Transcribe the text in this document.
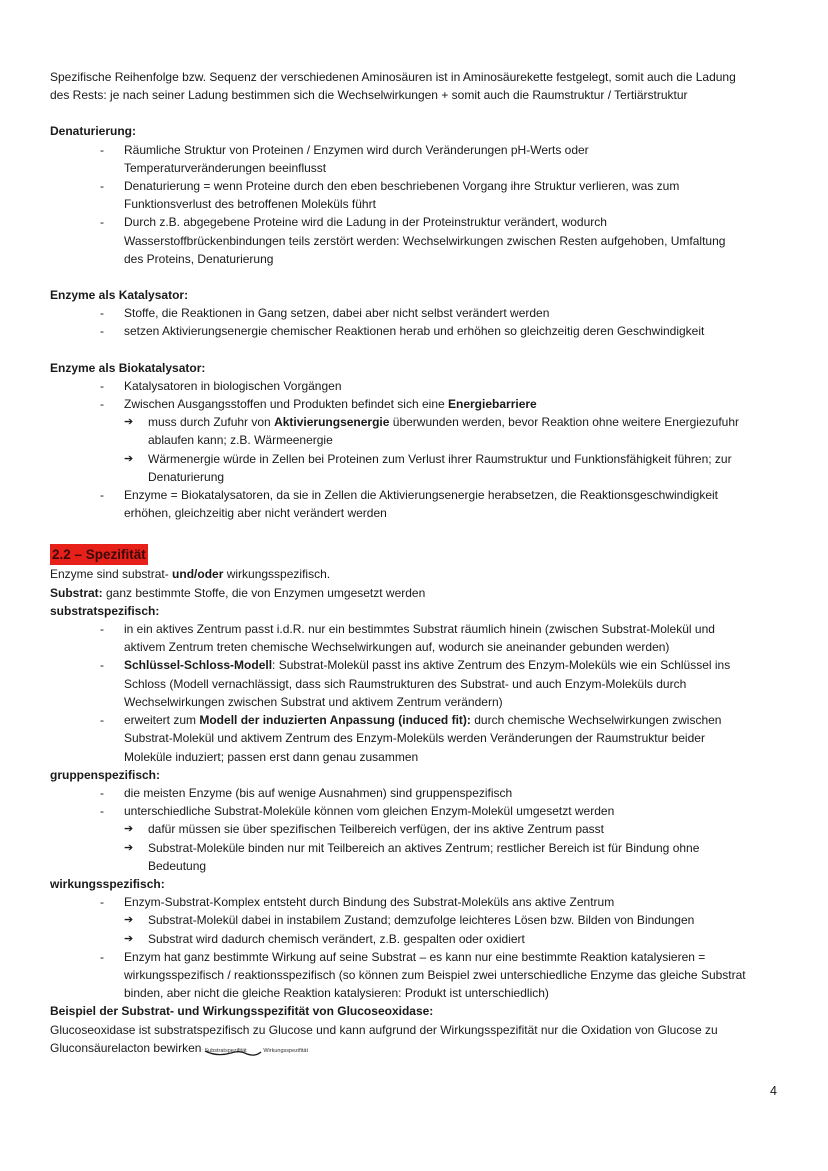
Spezifische Reihenfolge bzw. Sequenz der verschiedenen Aminosäuren ist in Aminosäurekette festgelegt, somit auch die Ladung

des Rests: je nach seiner Ladung bestimmen sich die Wechselwirkungen + somit auch die Raumstruktur / Tertiärstruktur

Denaturierung:

- Räumliche Struktur von Proteinen / Enzymen wird durch Veränderungen pH-Werts oder

Temperaturveränderungen beeinflusst

- Denaturierung = wenn Proteine durch den eben beschriebenen Vorgang ihre Struktur verlieren, was zum

Funktionsverlust des betroffenen Moleküls führt

- Durch z.B. abgegebene Proteine wird die Ladung in der Proteinstruktur verändert, wodurch

Wasserstoffbrückenbindungen teils zerstört werden: Wechselwirkungen zwischen Resten aufgehoben, Umfaltung

des Proteins, Denaturierung

Enzyme als Katalysator:

- Stoffe, die Reaktionen in Gang setzen, dabei aber nicht selbst verändert werden

- setzen Aktivierungsenergie chemischer Reaktionen herab und erhöhen so gleichzeitig deren Geschwindigkeit

Enzyme als Biokatalysator:

- Katalysatoren in biologischen Vorgängen

- Zwischen Ausgangsstoffen und Produkten befindet sich eine Energiebarriere

➔ muss durch Zufuhr von Aktivierungsenergie überwunden werden, bevor Reaktion ohne weitere Energiezufuhr

ablaufen kann; z.B. Wärmeenergie

➔ Wärmenergie würde in Zellen bei Proteinen zum Verlust ihrer Raumstruktur und Funktionsfähigkeit führen; zur

Denaturierung

- Enzyme = Biokatalysatoren, da sie in Zellen die Aktivierungsenergie herabsetzen, die Reaktionsgeschwindigkeit

erhöhen, gleichzeitig aber nicht verändert werden

2.2 – Spezifität

Enzyme sind substrat- und/oder wirkungsspezifisch.

Substrat: ganz bestimmte Stoffe, die von Enzymen umgesetzt werden

substratspezifisch:

- in ein aktives Zentrum passt i.d.R. nur ein bestimmtes Substrat räumlich hinein (zwischen Substrat-Molekül und

aktivem Zentrum treten chemische Wechselwirkungen auf, wodurch sie aneinander gebunden werden)

- Schlüssel-Schloss-Modell: Substrat-Molekül passt ins aktive Zentrum des Enzym-Moleküls wie ein Schlüssel ins

Schloss (Modell vernachlässigt, dass sich Raumstrukturen des Substrat- und auch Enzym-Moleküls durch

Wechselwirkungen zwischen Substrat und aktivem Zentrum verändern)

- erweitert zum Modell der induzierten Anpassung (induced fit): durch chemische Wechselwirkungen zwischen

Substrat-Molekül und aktivem Zentrum des Enzym-Moleküls werden Veränderungen der Raumstruktur beider

Moleküle induziert; passen erst dann genau zusammen

gruppenspezifisch:

- die meisten Enzyme (bis auf wenige Ausnahmen) sind gruppenspezifisch

- unterschiedliche Substrat-Moleküle können vom gleichen Enzym-Molekül umgesetzt werden

➔ dafür müssen sie über spezifischen Teilbereich verfügen, der ins aktive Zentrum passt

➔ Substrat-Moleküle binden nur mit Teilbereich an aktives Zentrum; restlicher Bereich ist für Bindung ohne

Bedeutung

wirkungsspezifisch:

- Enzym-Substrat-Komplex entsteht durch Bindung des Substrat-Moleküls ans aktive Zentrum

➔ Substrat-Molekül dabei in instabilem Zustand; demzufolge leichteres Lösen bzw. Bilden von Bindungen

➔ Substrat wird dadurch chemisch verändert, z.B. gespalten oder oxidiert

- Enzym hat ganz bestimmte Wirkung auf seine Substrat – es kann nur eine bestimmte Reaktion katalysieren =

wirkungsspezifisch / reaktionsspezifisch (so können zum Beispiel zwei unterschiedliche Enzyme das gleiche Substrat

binden, aber nicht die gleiche Reaktion katalysieren: Produkt ist unterschiedlich)

Beispiel der Substrat- und Wirkungsspezifität von Glucoseoxidase:

Glucoseoxidase ist substratspezifisch zu Glucose und kann aufgrund der Wirkungsspezifität nur die Oxidation von Glucose zu

Gluconsäurelacton bewirken: Substratspezifität	Wirkungsspezifität

4
